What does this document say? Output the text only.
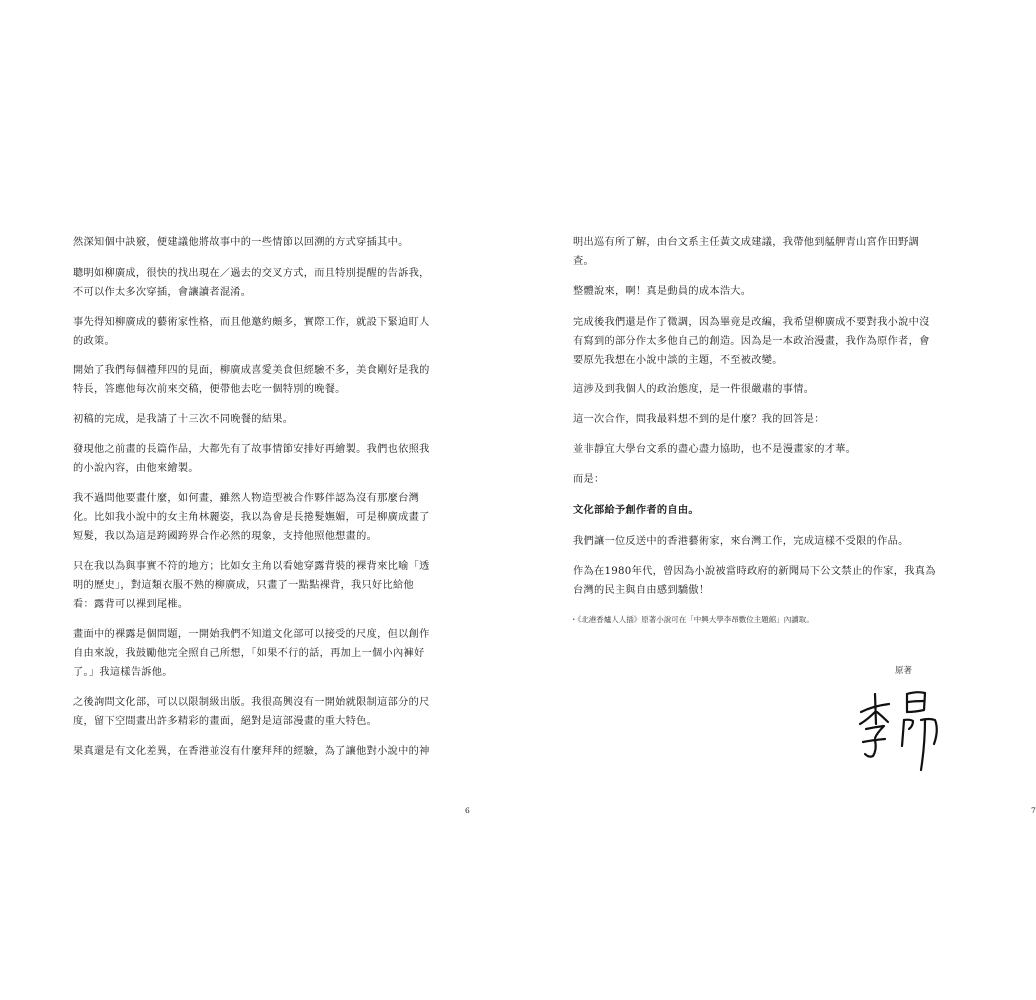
然深知個中訣竅，便建議他將故事中的一些情節以回溯的方式穿插其中。

聰明如柳廣成，很快的找出現在／過去的交叉方式，而且特別提醒的告訴我，
不可以作太多次穿插，會讓讀者混淆。

事先得知柳廣成的藝術家性格，而且他邀約頗多，實際工作，就設下緊迫盯人
的政策。

開始了我們每個禮拜四的見面，柳廣成喜愛美食但經驗不多，美食剛好是我的
特長，答應他每次前來交稿，便帶他去吃一個特別的晚餐。

初稿的完成，是我請了十三次不同晚餐的結果。

發現他之前畫的長篇作品，大都先有了故事情節安排好再繪製。我們也依照我
的小說內容，由他來繪製。

我不過問他要畫什麼，如何畫，雖然人物造型被合作夥伴認為沒有那麼台灣
化。比如我小說中的女主角林麗姿，我以為會是長捲髮嫵媚，可是柳廣成畫了
短髮，我以為這是跨國跨界合作必然的現象，支持他照他想畫的。

只在我以為與事實不符的地方；比如女主角以看她穿露背裝的裸背來比喻「透
明的歷史」，對這類衣服不熟的柳廣成，只畫了一點點裸背，我只好比給他
看：露背可以裸到尾椎。

畫面中的裸露是個問題，一開始我們不知道文化部可以接受的尺度，但以創作
自由來說，我鼓勵他完全照自己所想，「如果不行的話，再加上一個小內褲好
了。」我這樣告訴他。

之後詢問文化部，可以以限制級出版。我很高興沒有一開始就限制這部分的尺
度，留下空間畫出許多精彩的畫面，絕對是這部漫畫的重大特色。

果真還是有文化差異，在香港並沒有什麼拜拜的經驗，為了讓他對小說中的神

6

明出巡有所了解，由台文系主任黃文成建議，我帶他到艋舺青山宮作田野調
查。

整體說來，啊！真是動員的成本浩大。

完成後我們還是作了微調，因為畢竟是改編，我希望柳廣成不要對我小說中沒
有寫到的部分作太多他自己的創造。因為是一本政治漫畫，我作為原作者，會
要原先我想在小說中談的主題，不至被改變。

這涉及到我個人的政治態度，是一件很嚴肅的事情。

這一次合作，問我最料想不到的是什麼？我的回答是：

並非靜宜大學台文系的盡心盡力協助，也不是漫畫家的才華。

而是：

文化部給予創作者的自由。

我們讓一位反送中的香港藝術家，來台灣工作，完成這樣不受限的作品。

作為在1980年代，曾因為小說被當時政府的新聞局下公文禁止的作家，我真為
台灣的民主與自由感到驕傲！

・《北港香爐人人插》原著小說可在「中興大學李昂數位主題館」內讀取。
原著
7
